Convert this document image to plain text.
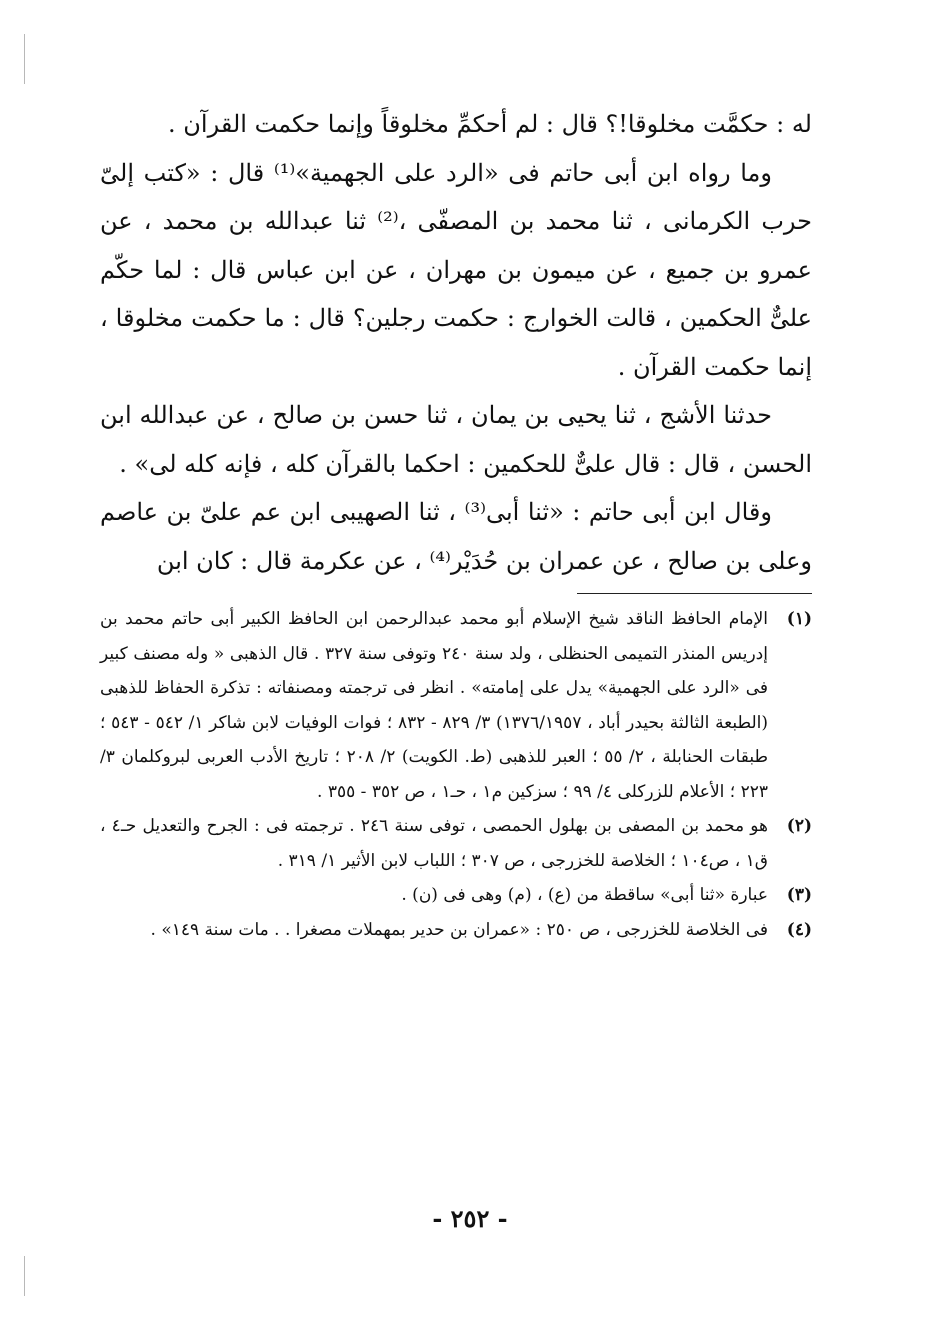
له : حكمَّت مخلوقا!؟ قال : لم أحكمِّ مخلوقاً وإنما حكمت القرآن .

وما رواه ابن أبى حاتم فى «الرد على الجهمية»⁽¹⁾ قال : «كتب إلىّ حرب الكرمانى ، ثنا محمد بن المصفّى ،⁽²⁾ ثنا عبدالله بن محمد ، عن عمرو بن جميع ، عن ميمون بن مهران ، عن ابن عباس قال : لما حكّم علىٌّ الحكمين ، قالت الخوارج : حكمت رجلين؟ قال : ما حكمت مخلوقا ، إنما حكمت القرآن .

حدثنا الأشج ، ثنا يحيى بن يمان ، ثنا حسن بن صالح ، عن عبدالله ابن الحسن ، قال : قال علىٌّ للحكمين : احكما بالقرآن كله ، فإنه كله لى» .

وقال ابن أبى حاتم : «ثنا أبى⁽³⁾ ، ثنا الصهيبى ابن عم علىّ بن عاصم وعلى بن صالح ، عن عمران بن حُدَيْر⁽⁴⁾ ، عن عكرمة قال : كان ابن

(١)
الإمام الحافظ الناقد شيخ الإسلام أبو محمد عبدالرحمن ابن الحافظ الكبير أبى حاتم محمد بن إدريس المنذر التميمى الحنظلى ، ولد سنة ٢٤٠ وتوفى سنة ٣٢٧ . قال الذهبى « وله مصنف كبير فى «الرد على الجهمية» يدل على إمامته» . انظر فى ترجمته ومصنفاته : تذكرة الحفاظ للذهبى (الطبعة الثالثة بحيدر أباد ، ١٣٧٦/١٩٥٧) ٣/ ٨٢٩ - ٨٣٢ ؛ فوات الوفيات لابن شاكر ١/ ٥٤٢ - ٥٤٣ ؛ طبقات الحنابلة ، ٢/ ٥٥ ؛ العبر للذهبى (ط. الكويت) ٢/ ٢٠٨ ؛ تاريخ الأدب العربى لبروكلمان ٣/ ٢٢٣ ؛ الأعلام للزركلى ٤/ ٩٩ ؛ سزكين م١ ، حـ١ ، ص ٣٥٢ - ٣٥٥ .
(٢)
هو محمد بن المصفى بن بهلول الحمصى ، توفى سنة ٢٤٦ . ترجمته فى : الجرح والتعديل حـ٤ ، ق١ ، ص١٠٤ ؛ الخلاصة للخزرجى ، ص ٣٠٧ ؛ اللباب لابن الأثير ١/ ٣١٩ .
(٣)
عبارة «ثنا أبى» ساقطة من (ع) ، (م) وهى فى (ن) .
(٤)
فى الخلاصة للخزرجى ، ص ٢٥٠ : «عمران بن حدير بمهملات مصغرا . . مات سنة ١٤٩» .
- ٢٥٢ -
